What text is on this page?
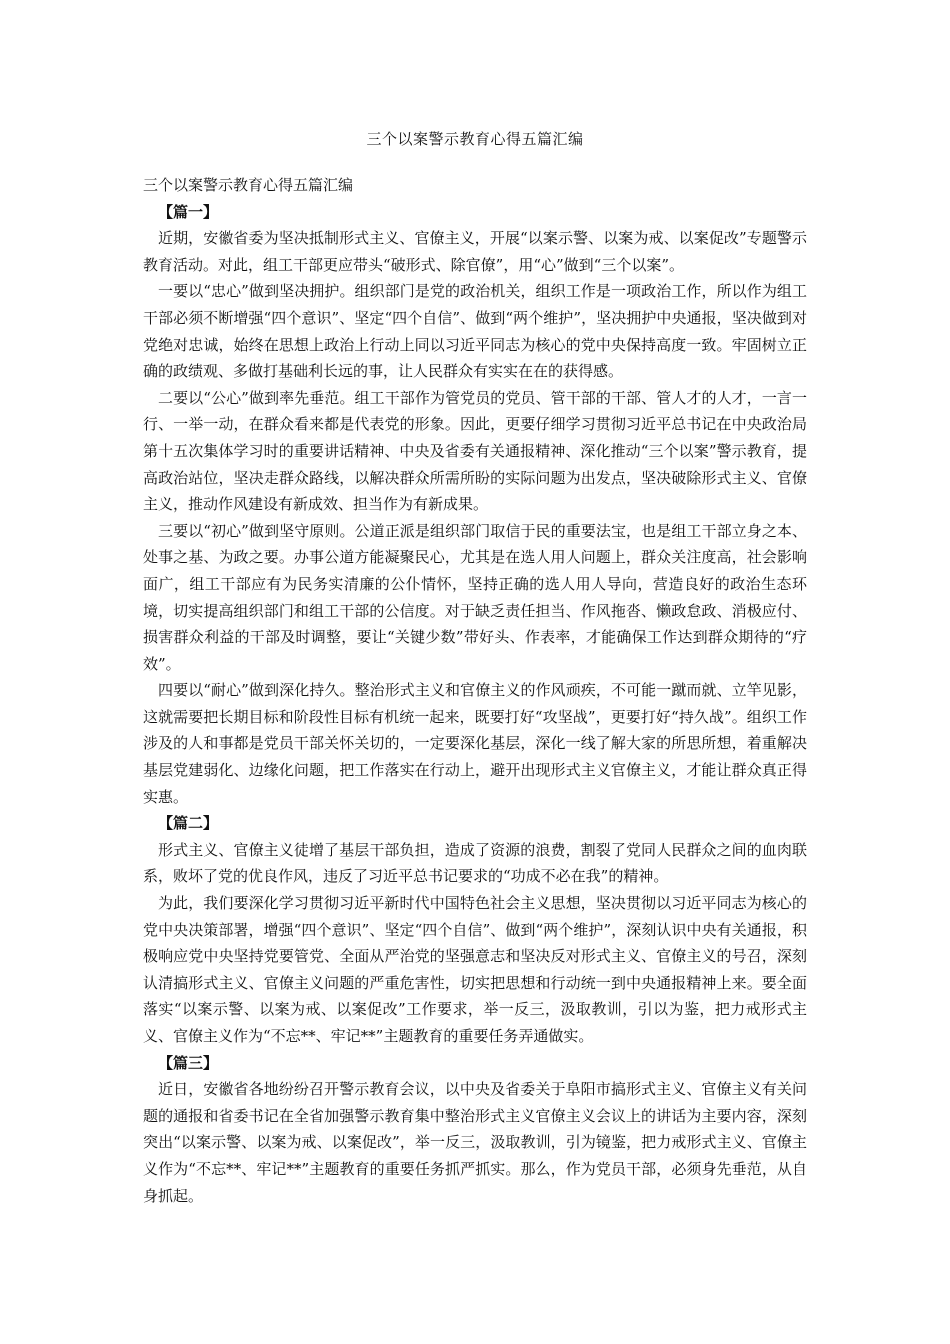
三个以案警示教育心得五篇汇编

三个以案警示教育心得五篇汇编

【篇一】

近期，安徽省委为坚决抵制形式主义、官僚主义，开展“以案示警、以案为戒、以案促改”专题警示教育活动。对此，组工干部更应带头“破形式、除官僚”，用“心”做到“三个以案”。

一要以“忠心”做到坚决拥护。组织部门是党的政治机关，组织工作是一项政治工作，所以作为组工干部必须不断增强“四个意识”、坚定“四个自信”、做到“两个维护”，坚决拥护中央通报，坚决做到对党绝对忠诚，始终在思想上政治上行动上同以习近平同志为核心的党中央保持高度一致。牢固树立正确的政绩观、多做打基础利长远的事，让人民群众有实实在在的获得感。

二要以“公心”做到率先垂范。组工干部作为管党员的党员、管干部的干部、管人才的人才，一言一行、一举一动，在群众看来都是代表党的形象。因此，更要仔细学习贯彻习近平总书记在中央政治局第十五次集体学习时的重要讲话精神、中央及省委有关通报精神、深化推动“三个以案”警示教育，提高政治站位，坚决走群众路线，以解决群众所需所盼的实际问题为出发点，坚决破除形式主义、官僚主义，推动作风建设有新成效、担当作为有新成果。

三要以“初心”做到坚守原则。公道正派是组织部门取信于民的重要法宝，也是组工干部立身之本、处事之基、为政之要。办事公道方能凝聚民心，尤其是在选人用人问题上，群众关注度高，社会影响面广，组工干部应有为民务实清廉的公仆情怀，坚持正确的选人用人导向，营造良好的政治生态环境，切实提高组织部门和组工干部的公信度。对于缺乏责任担当、作风拖沓、懒政怠政、消极应付、损害群众利益的干部及时调整，要让“关键少数”带好头、作表率，才能确保工作达到群众期待的“疗效”。

四要以“耐心”做到深化持久。整治形式主义和官僚主义的作风顽疾，不可能一蹴而就、立竿见影，这就需要把长期目标和阶段性目标有机统一起来，既要打好“攻坚战”，更要打好“持久战”。组织工作涉及的人和事都是党员干部关怀关切的，一定要深化基层，深化一线了解大家的所思所想，着重解决基层党建弱化、边缘化问题，把工作落实在行动上，避开出现形式主义官僚主义，才能让群众真正得实惠。

【篇二】

形式主义、官僚主义徒增了基层干部负担，造成了资源的浪费，割裂了党同人民群众之间的血肉联系，败坏了党的优良作风，违反了习近平总书记要求的“功成不必在我”的精神。

为此，我们要深化学习贯彻习近平新时代中国特色社会主义思想，坚决贯彻以习近平同志为核心的党中央决策部署，增强“四个意识”、坚定“四个自信”、做到“两个维护”，深刻认识中央有关通报，积极响应党中央坚持党要管党、全面从严治党的坚强意志和坚决反对形式主义、官僚主义的号召，深刻认清搞形式主义、官僚主义问题的严重危害性，切实把思想和行动统一到中央通报精神上来。要全面落实“以案示警、以案为戒、以案促改”工作要求，举一反三，汲取教训，引以为鉴，把力戒形式主义、官僚主义作为“不忘**、牢记**”主题教育的重要任务弄通做实。

【篇三】

近日，安徽省各地纷纷召开警示教育会议，以中央及省委关于阜阳市搞形式主义、官僚主义有关问题的通报和省委书记在全省加强警示教育集中整治形式主义官僚主义会议上的讲话为主要内容，深刻突出“以案示警、以案为戒、以案促改”，举一反三，汲取教训，引为镜鉴，把力戒形式主义、官僚主义作为“不忘**、牢记**”主题教育的重要任务抓严抓实。那么，作为党员干部，必须身先垂范，从自身抓起。
